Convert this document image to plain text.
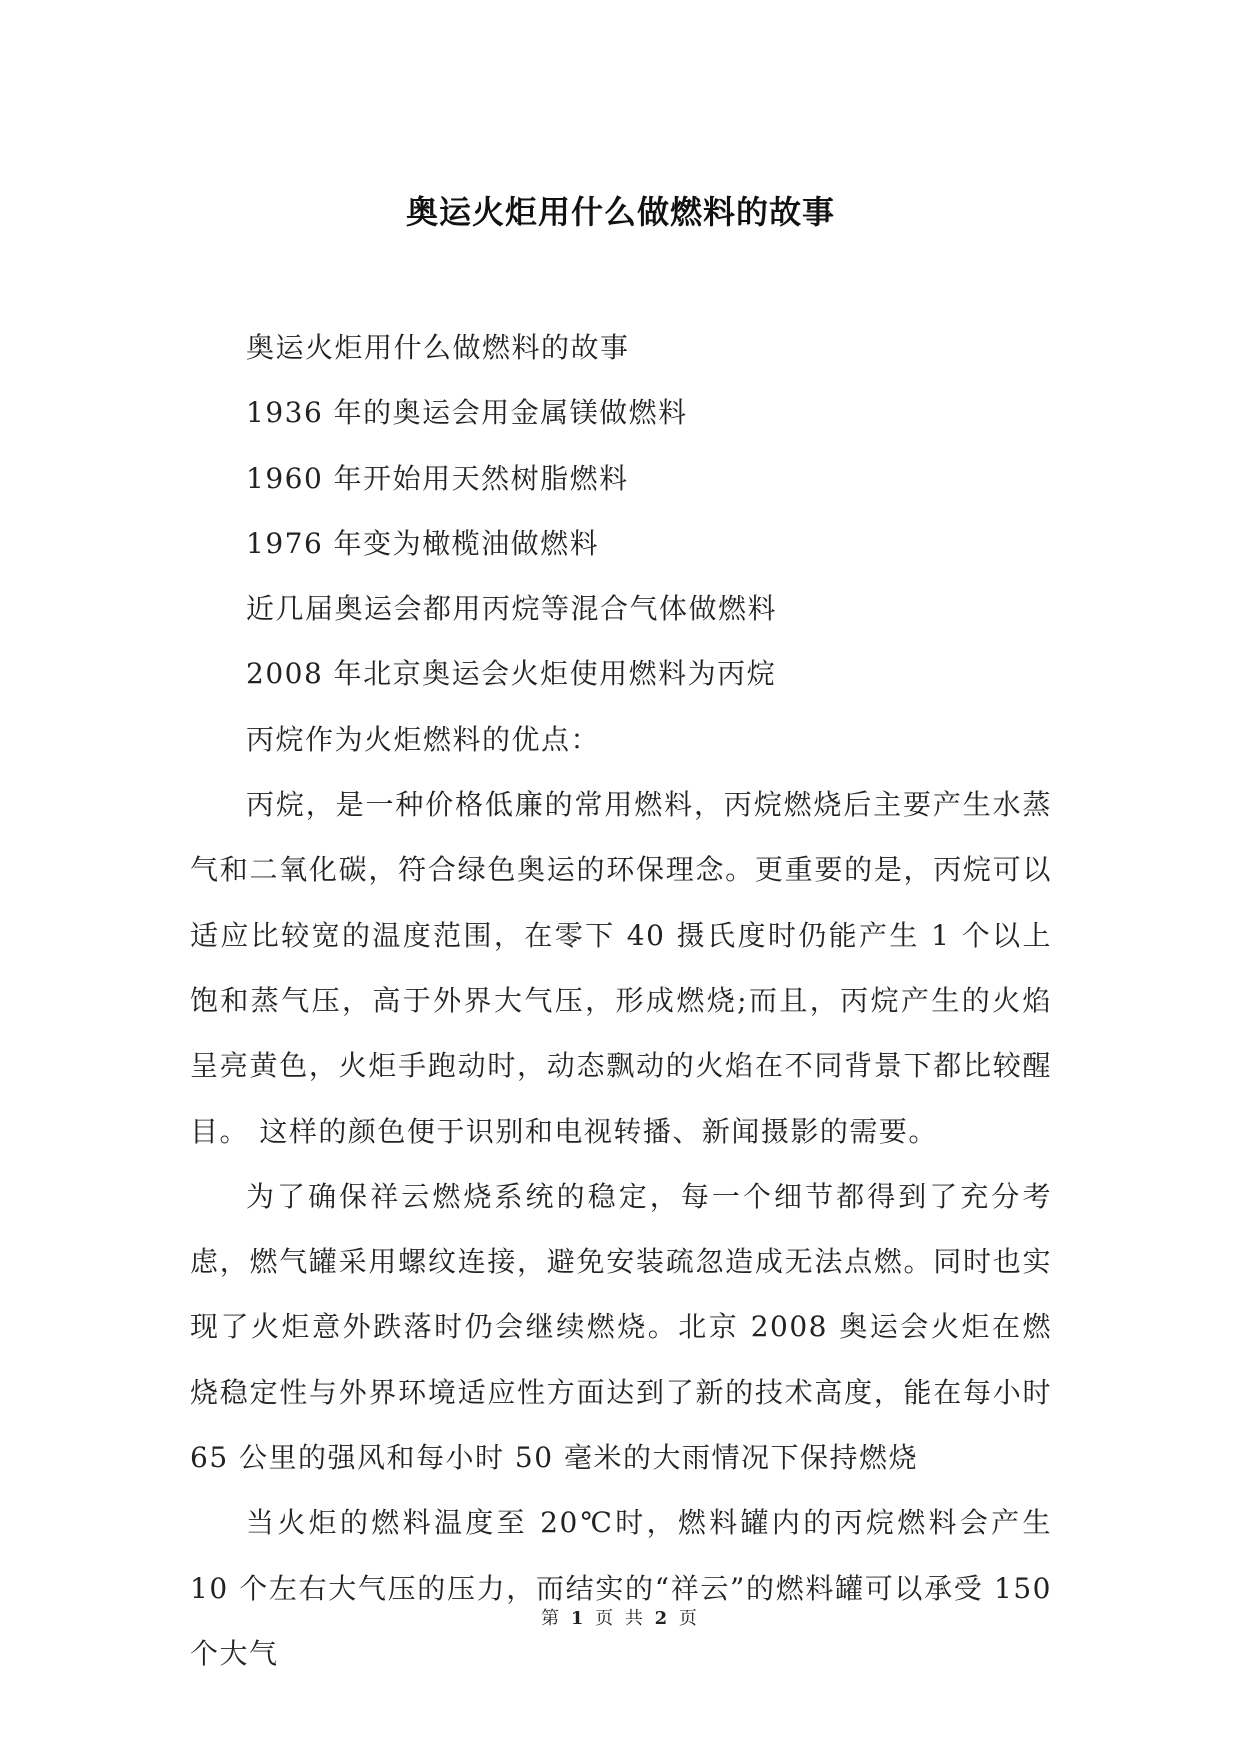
奥运火炬用什么做燃料的故事

奥运火炬用什么做燃料的故事

1936 年的奥运会用金属镁做燃料

1960 年开始用天然树脂燃料

1976 年变为橄榄油做燃料

近几届奥运会都用丙烷等混合气体做燃料

2008 年北京奥运会火炬使用燃料为丙烷

丙烷作为火炬燃料的优点：

丙烷，是一种价格低廉的常用燃料，丙烷燃烧后主要产生水蒸气和二氧化碳，符合绿色奥运的环保理念。更重要的是，丙烷可以适应比较宽的温度范围，在零下 40 摄氏度时仍能产生 1 个以上饱和蒸气压，高于外界大气压，形成燃烧;而且，丙烷产生的火焰呈亮黄色，火炬手跑动时，动态飘动的火焰在不同背景下都比较醒目。 这样的颜色便于识别和电视转播、新闻摄影的需要。

为了确保祥云燃烧系统的稳定，每一个细节都得到了充分考虑，燃气罐采用螺纹连接，避免安装疏忽造成无法点燃。同时也实现了火炬意外跌落时仍会继续燃烧。北京 2008 奥运会火炬在燃烧稳定性与外界环境适应性方面达到了新的技术高度，能在每小时 65 公里的强风和每小时 50 毫米的大雨情况下保持燃烧

当火炬的燃料温度至 20℃时，燃料罐内的丙烷燃料会产生 10 个左右大气压的压力，而结实的“祥云”的燃料罐可以承受 150 个大气

第 1 页 共 2 页
